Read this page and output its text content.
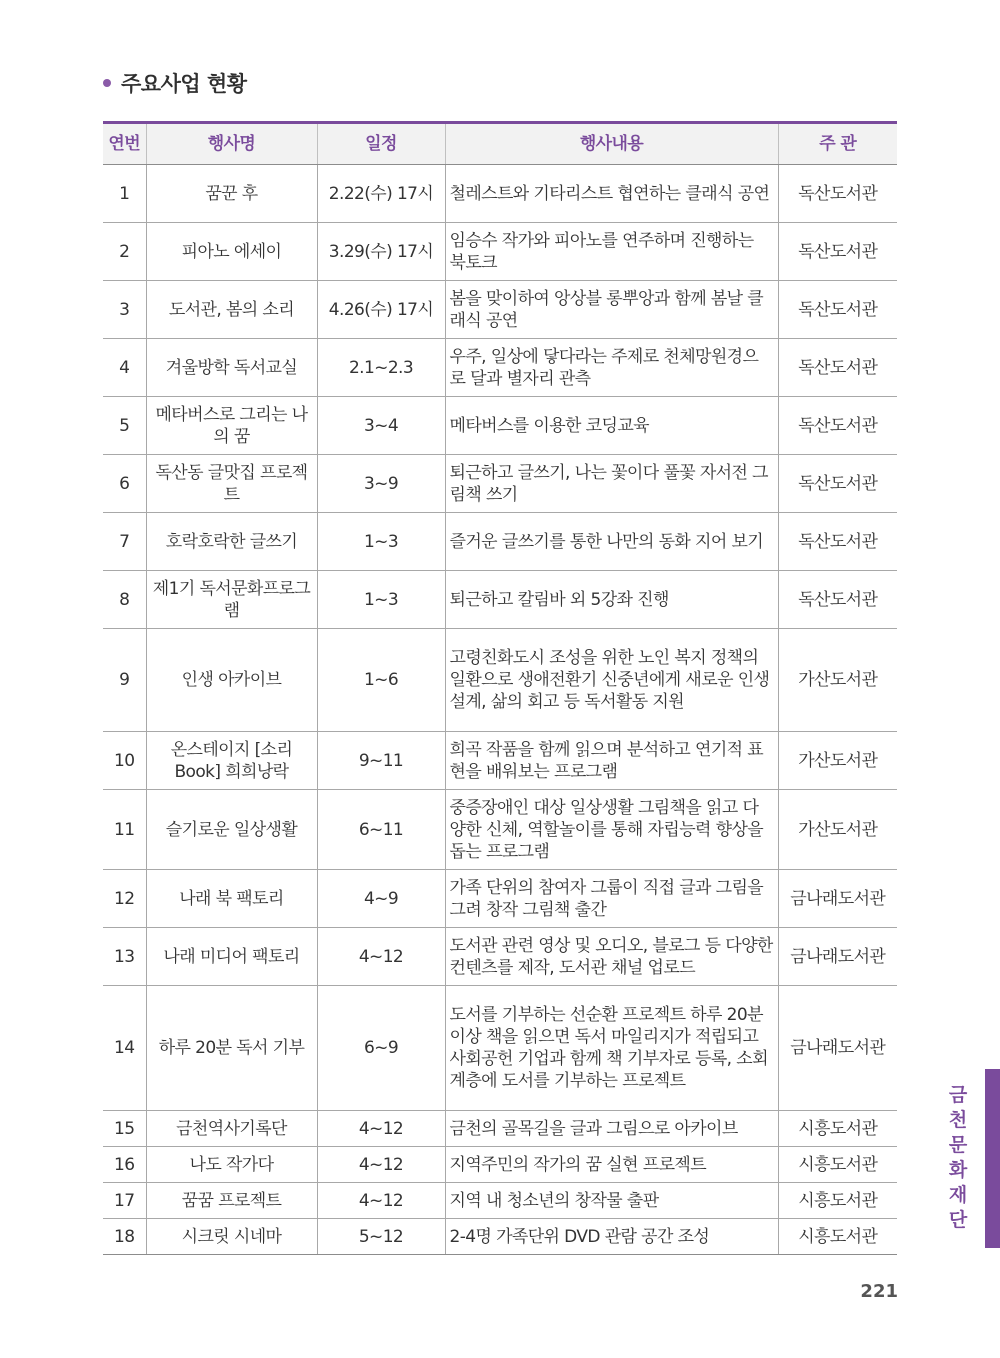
주요사업 현황
연번	행사명	일정	행사내용	주 관
1	꿈꾼 후	2.22(수) 17시	철레스트와 기타리스트 협연하는 클래식 공연	독산도서관
2	피아노 에세이	3.29(수) 17시	임승수 작가와 피아노를 연주하며 진행하는 북토크	독산도서관
3	도서관, 봄의 소리	4.26(수) 17시	봄을 맞이하여 앙상블 롱뿌앙과 함께 봄날 클래식 공연	독산도서관
4	겨울방학 독서교실	2.1~2.3	우주, 일상에 닿다라는 주제로 천체망원경으로 달과 별자리 관측	독산도서관
5	메타버스로 그리는 나의 꿈	3~4	메타버스를 이용한 코딩교육	독산도서관
6	독산동 글맛집 프로젝트	3~9	퇴근하고 글쓰기, 나는 꽃이다 풀꽃 자서전 그림책 쓰기	독산도서관
7	호락호락한 글쓰기	1~3	즐거운 글쓰기를 통한 나만의 동화 지어 보기	독산도서관
8	제1기 독서문화프로그램	1~3	퇴근하고 칼림바 외 5강좌 진행	독산도서관
9	인생 아카이브	1~6	고령친화도시 조성을 위한 노인 복지 정책의 일환으로 생애전환기 신중년에게 새로운 인생설계, 삶의 회고 등 독서활동 지원	가산도서관
10	온스테이지 [소리 Book] 희희낭락	9~11	희곡 작품을 함께 읽으며 분석하고 연기적 표현을 배워보는 프로그램	가산도서관
11	슬기로운 일상생활	6~11	중증장애인 대상 일상생활 그림책을 읽고 다양한 신체, 역할놀이를 통해 자립능력 향상을 돕는 프로그램	가산도서관
12	나래 북 팩토리	4~9	가족 단위의 참여자 그룹이 직접 글과 그림을 그려 창작 그림책 출간	금나래도서관
13	나래 미디어 팩토리	4~12	도서관 관련 영상 및 오디오, 블로그 등 다양한 컨텐츠를 제작, 도서관 채널 업로드	금나래도서관
14	하루 20분 독서 기부	6~9	도서를 기부하는 선순환 프로젝트 하루 20분 이상 책을 읽으면 독서 마일리지가 적립되고 사회공헌 기업과 함께 책 기부자로 등록, 소회계층에 도서를 기부하는 프로젝트	금나래도서관
15	금천역사기록단	4~12	금천의 골목길을 글과 그림으로 아카이브	시흥도서관
16	나도 작가다	4~12	지역주민의 작가의 꿈 실현 프로젝트	시흥도서관
17	꿈꿈 프로젝트	4~12	지역 내 청소년의 창작물 출판	시흥도서관
18	시크릿 시네마	5~12	2-4명 가족단위 DVD 관람 공간 조성	시흥도서관
금천문화재단
221
